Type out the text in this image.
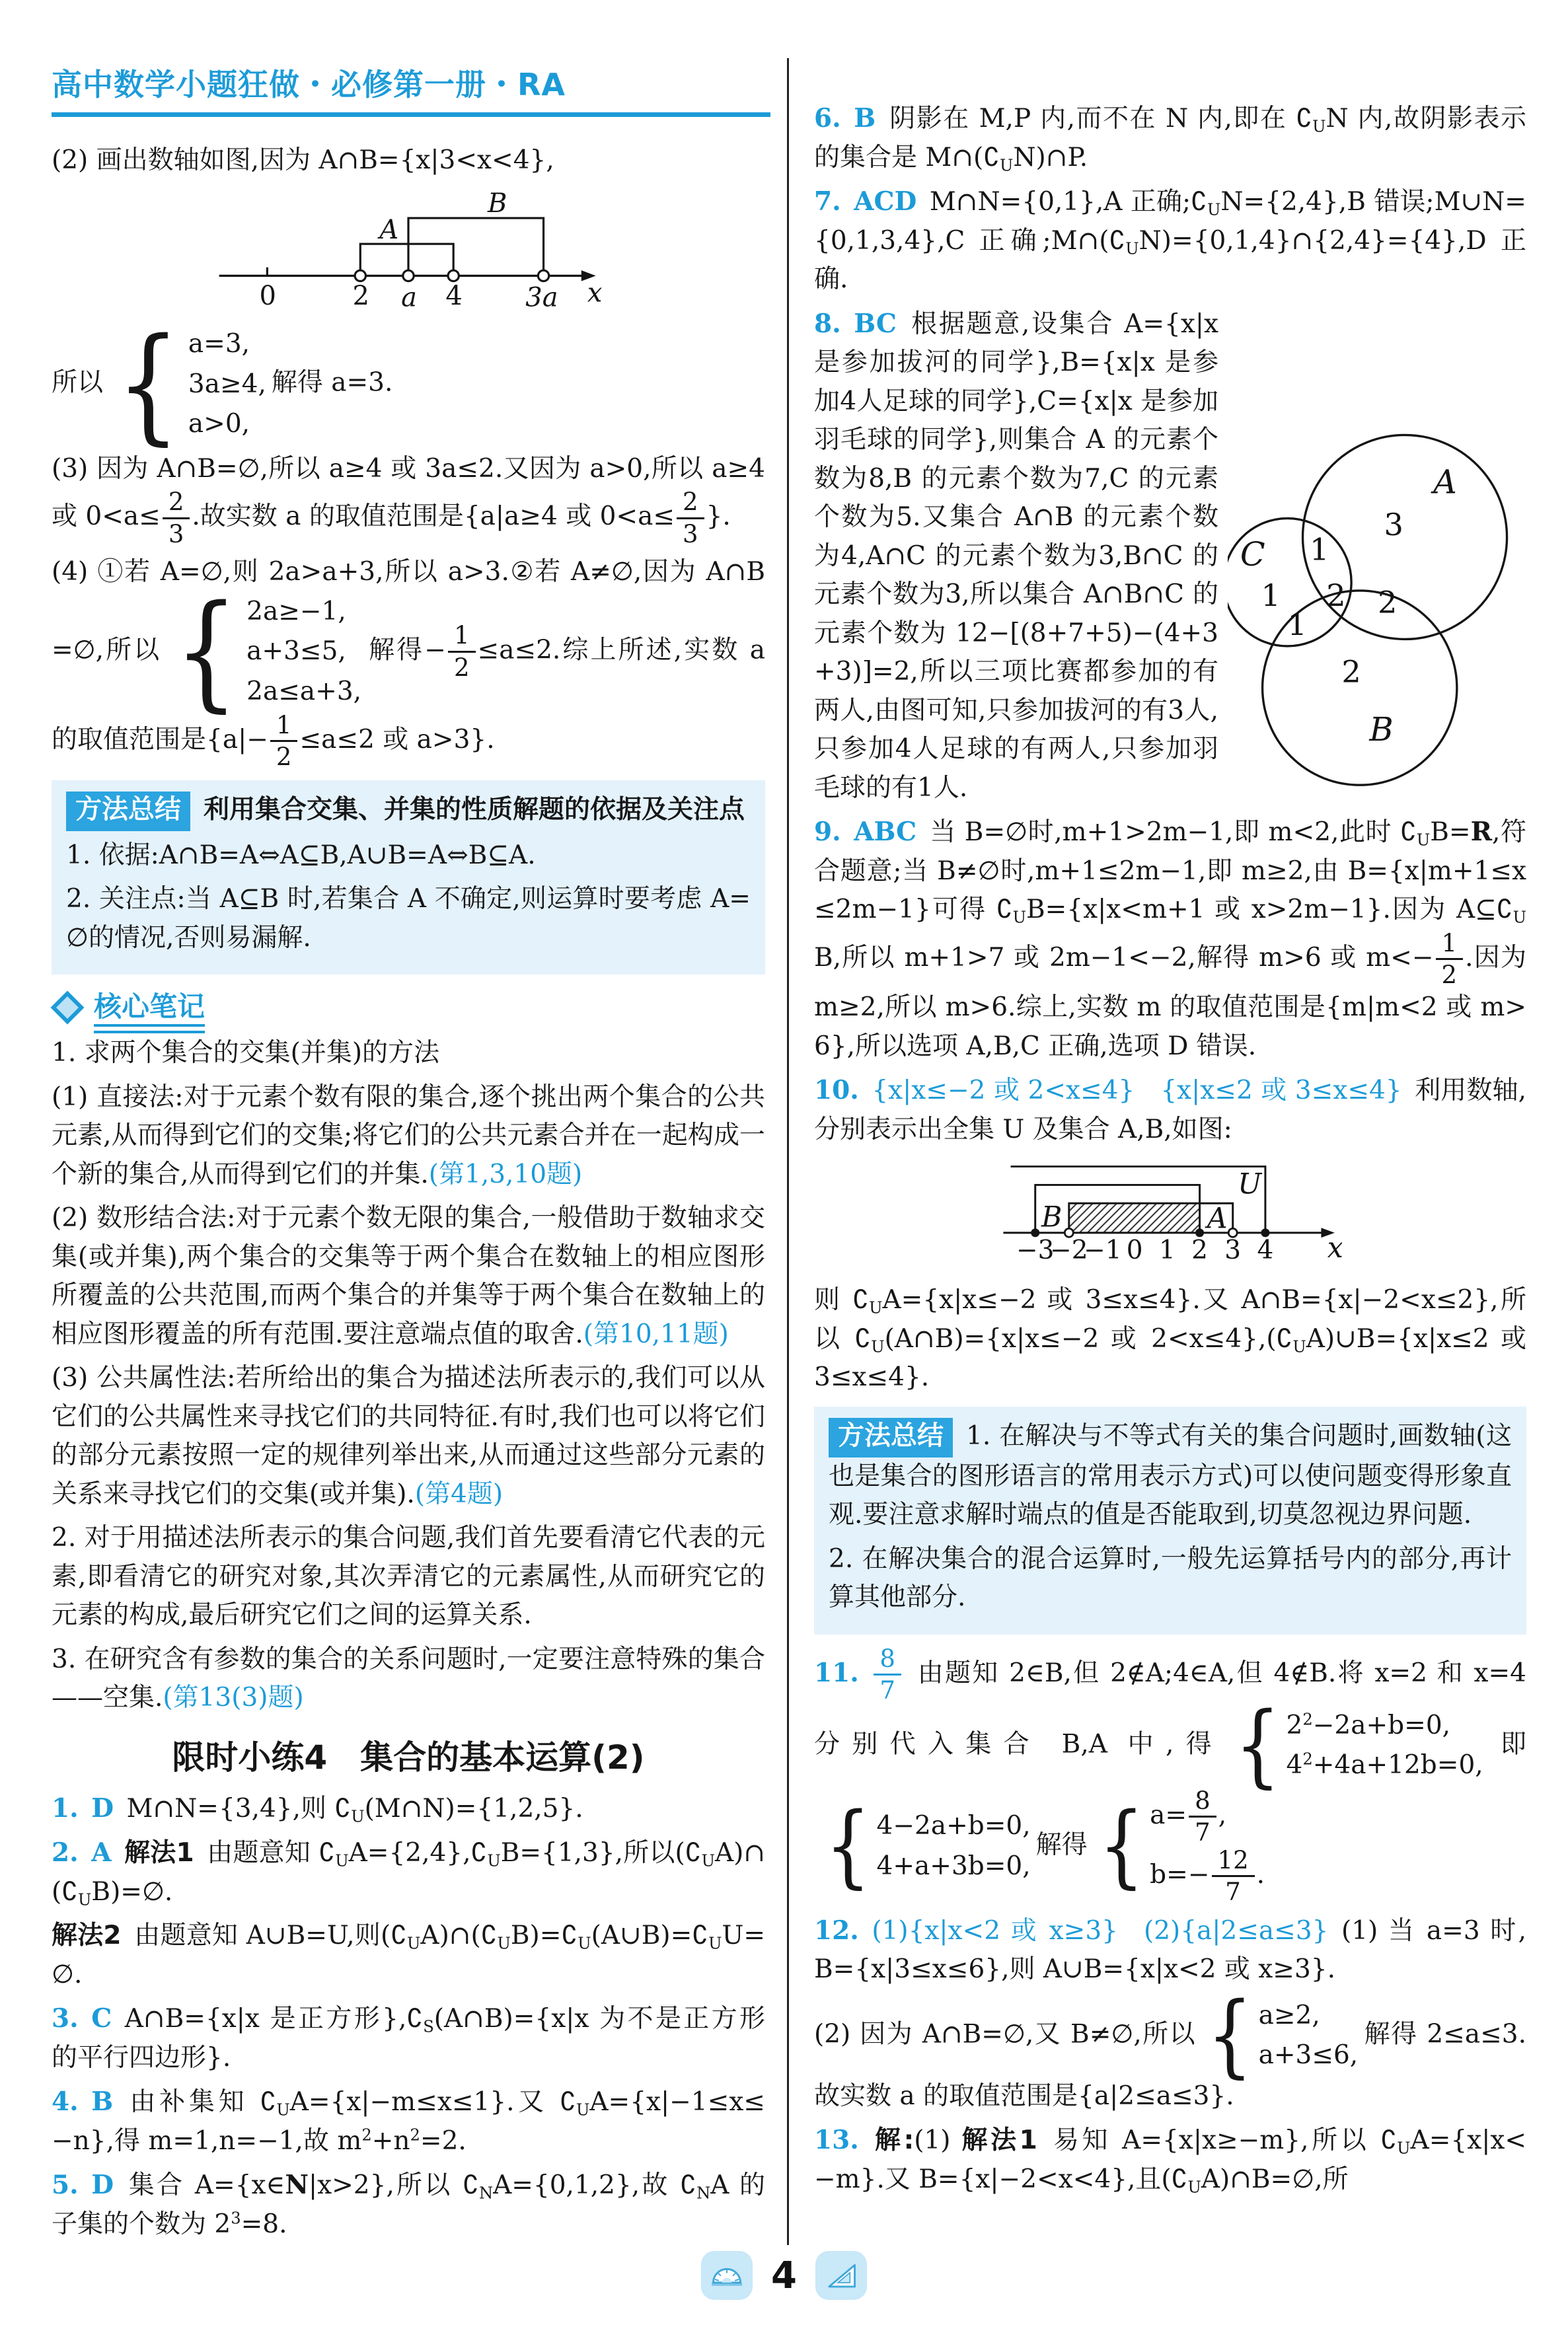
高中数学小题狂做・必修第一册・RA

(2) 画出数轴如图,因为 A∩B={x|3<x<4},

A
B
0	2 a 4 3a x

所以 { a=3,
3a≥4,
a>0,
解得 a=3.

(3) 因为 A∩B=∅,所以 a≥4 或 3a≤2.又因为 a>0,所以 a≥4 或 $0<a\le \frac{2}{3}$ .故实数 a 的取值范围是{a|a≥4 或 $0<a\le \frac{2}{3}$ }.

(4) ①若 A=∅,则 2a>a+3,所以 a>3.②若 A≠∅,因为 A∩B=∅,所以 { 2a≥−1,
a+3≤5,
2a≤a+3,
解得− $\frac{1}{2} \le a\le 2$.综上所述,实数 a 的取值范围是{$a|- \frac{1}{2} \le a\le 2$ 或 a>3}.

方法总结 利用集合交集、并集的性质解题的依据及关注点

1. 依据:A∩B=A⇔A⊆B,A∪B=A⇔B⊆A.

2. 关注点:当 A⊆B 时,若集合 A 不确定,则运算时要考虑 A=∅的情况,否则易漏解.

核心笔记

1. 求两个集合的交集(并集)的方法

(1) 直接法:对于元素个数有限的集合,逐个挑出两个集合的公共元素,从而得到它们的交集;将它们的公共元素合并在一起构成一个新的集合,从而得到它们的并集.(第1,3,10题)

(2) 数形结合法:对于元素个数无限的集合,一般借助于数轴求交集(或并集),两个集合的交集等于两个集合在数轴上的相应图形所覆盖的公共范围,而两个集合的并集等于两个集合在数轴上的相应图形覆盖的所有范围.要注意端点值的取舍.(第10,11题)

(3) 公共属性法:若所给出的集合为描述法所表示的,我们可以从它们的公共属性来寻找它们的共同特征.有时,我们也可以将它们的部分元素按照一定的规律列举出来,从而通过这些部分元素的关系来寻找它们的交集(或并集).(第4题)

2. 对于用描述法所表示的集合问题,我们首先要看清它代表的元素,即看清它的研究对象,其次弄清它的元素属性,从而研究它的元素的构成,最后研究它们之间的运算关系.

3. 在研究含有参数的集合的关系问题时,一定要注意特殊的集合——空集.(第13(3)题)

限时小练4 集合的基本运算(2)

1. D M∩N={3,4},则 $∁_U(M\cap N)=\{1,2,5\}$.

2. A  解法1 由题意知 $∁_UA=\{2,4\},∁_UB=\{1,3\}$,所以$(∁_UA)\cap(∁_UB)=\emptyset$.

解法2 由题意知 A∪B=U,则$(∁_UA)\cap(∁_UB)=∁_U(A\cup B)=∁_UU=\emptyset$.

3. C A∩B={x|x 是正方形}$,∁_S(A\cap B)=\{x|x$ 为不是正方形的平行四边形}.

4. B 由补集知 $∁_UA=\{x|-m\le x\le 1\}$.又 $∁_UA=\{x|-1\le x\le-n\}$,得 m=1,n=−1,故 $m^2+n^2=2$.

5. D 集合 A={x∈N|x>2},所以 $∁_NA=\{0,1,2\}$,故 $∁_NA$ 的子集的个数为 $2^3=8$.

6. B 阴影在 M,P 内,而不在 N 内,即在 $∁_UN$ 内,故阴影表示的集合是 $M\cap(∁_UN)\cap P$.

7. ACD M∩N={0,1},A 正确$;∁_UN=\{2,4\},B$ 错误;M∪N={0,1,3,4},C 正确$;M\cap(∁_UN)=\{0,1,4\}\cap\{2,4\}=\{4\},D$ 正确.

A
3
C
1
1
2 2
1
2
B
8. BC 根据题意,设集合 A={x|x 是参加拔河的同学},B={x|x 是参加4人足球的同学},C={x|x 是参加羽毛球的同学},则集合 A 的元素个数为8,B 的元素个数为7,C 的元素个数为5.又集合 A∩B 的元素个数为4,A∩C 的元素个数为3,B∩C 的元素个数为3,所以集合 A∩B∩C 的元素个数为 12−[(8+7+5)−(4+3+3)]=2,所以三项比赛都参加的有两人,由图可知,只参加拔河的有3人,只参加4人足球的有两人,只参加羽毛球的有1人.

9. ABC 当 B=∅时,m+1>2m−1,即 m<2,此时 $∁_UB=R$,符合题意;当 B≠∅时,m+1≤2m−1,即 m≥2,由 B={x|m+1≤x≤2m−1}可得 $∁_UB=\{x|x<m+1$ 或 x>2m−1}.因为 $A⊆∁_UB$,所以 m+1>7 或 2m−1<−2,解得 m>6 或 $m<- \frac{1}{2}$ .因为 m≥2,所以 m>6.综上,实数 m 的取值范围是{m|m<2 或 m>6},所以选项 A,B,C 正确,选项 D 错误.

10.  {x|x≤−2 或 2<x≤4} {x|x≤2 或 3≤x≤4} 利用数轴,分别表示出全集 U 及集合 A,B,如图:

−3
−2
−1 0 1 2 3 4
B	A
U
x

则 $∁_UA=\{x|x\le-2$ 或 3≤x≤4}.又 A∩B={x|−2<x≤2},所以 $∁_U(A\cap B)=\{x|x\le-2$ 或 $2<x\le 4\},(∁_UA)\cup B=\{x|x\le 2$ 或 3≤x≤4}.

方法总结 1. 在解决与不等式有关的集合问题时,画数轴(这也是集合的图形语言的常用表示方式)可以使问题变得形象直观.要注意求解时端点的值是否能取到,切莫忽视边界问题.

2. 在解决集合的混合运算时,一般先运算括号内的部分,再计算其他部分.

11.  $\frac{8}{7}$  由题知 2∈B,但 2∉A;4∈A,但 4∉B.将 x=2 和 x=4 分别代入集合 B,A 中,得 { $2^2-2a+b=0$,
$4^2+4a+12b=0$,
即
{ 4−2a+b=0,
4+a+3b=0,
解得 { $a= \frac{8}{7}$ ,
$b=- \frac{12}{7}$ .

12.  (1){x|x<2 或 x≥3} (2){a|2≤a≤3} (1) 当 a=3 时,B={x|3≤x≤6},则 A∪B={x|x<2 或 x≥3}.

(2) 因为 A∩B=∅,又 B≠∅,所以 { a≥2,
a+3≤6,
解得 2≤a≤3.故实数 a 的取值范围是{a|2≤a≤3}.

13.  解:(1) 解法1 易知 A={x|x≥−m},所以 $∁_UA=\{x|x<-m\}$.又 B={x|−2<x<4},且$(∁_UA)\cap B=\emptyset$,所

4
